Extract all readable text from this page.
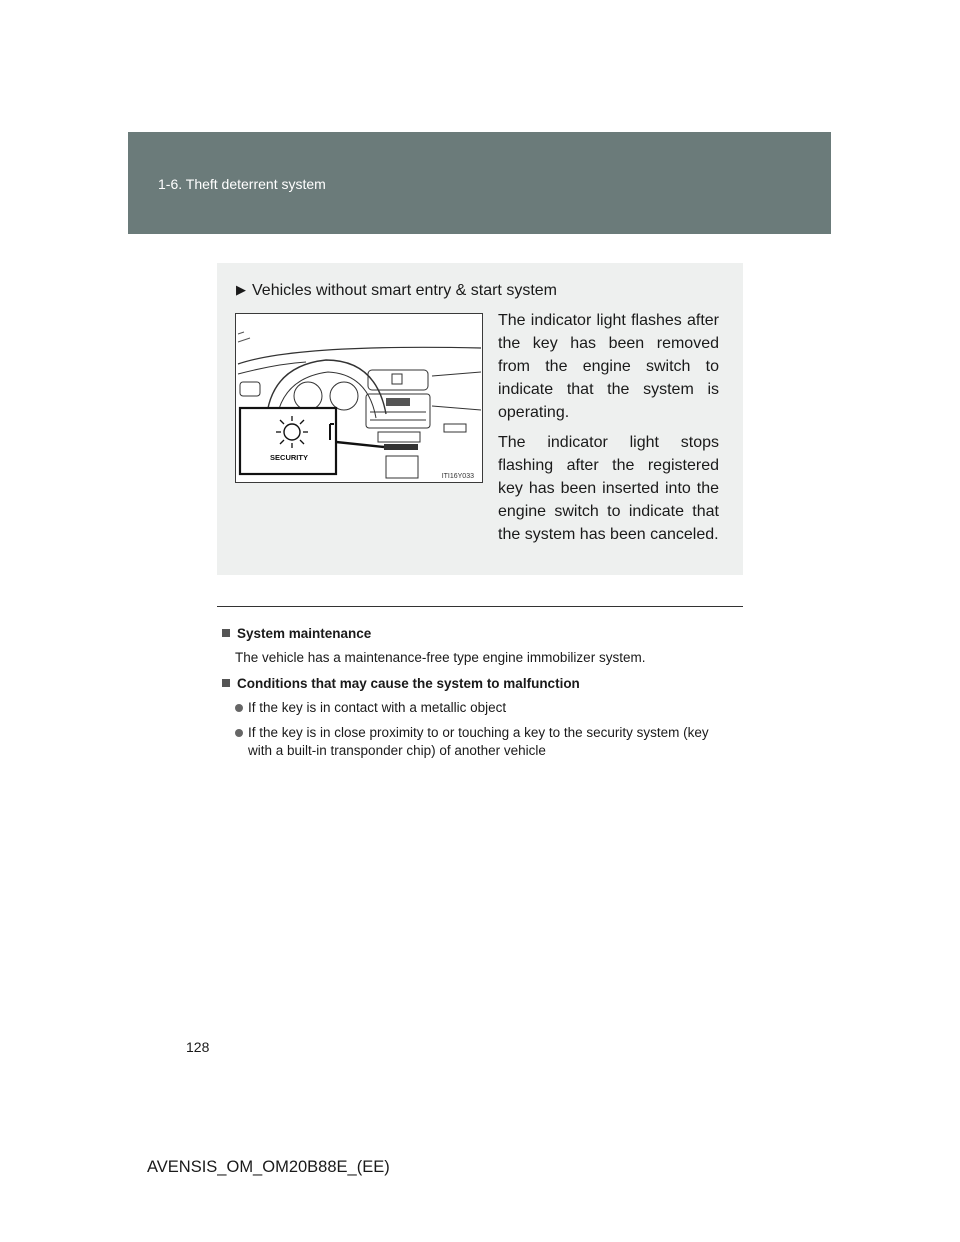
1-6. Theft deterrent system
▶ Vehicles without smart entry & start system
SECURITY
ITI16Y033
The indicator light flashes after the key has been removed from the engine switch to indicate that the system is operating.
The indicator light stops flashing after the registered key has been inserted into the engine switch to indicate that the system has been canceled.
System maintenance
The vehicle has a maintenance-free type engine immobilizer system.
Conditions that may cause the system to malfunction
If the key is in contact with a metallic object
If the key is in close proximity to or touching a key to the security system (key with a built-in transponder chip) of another vehicle
128
AVENSIS_OM_OM20B88E_(EE)
